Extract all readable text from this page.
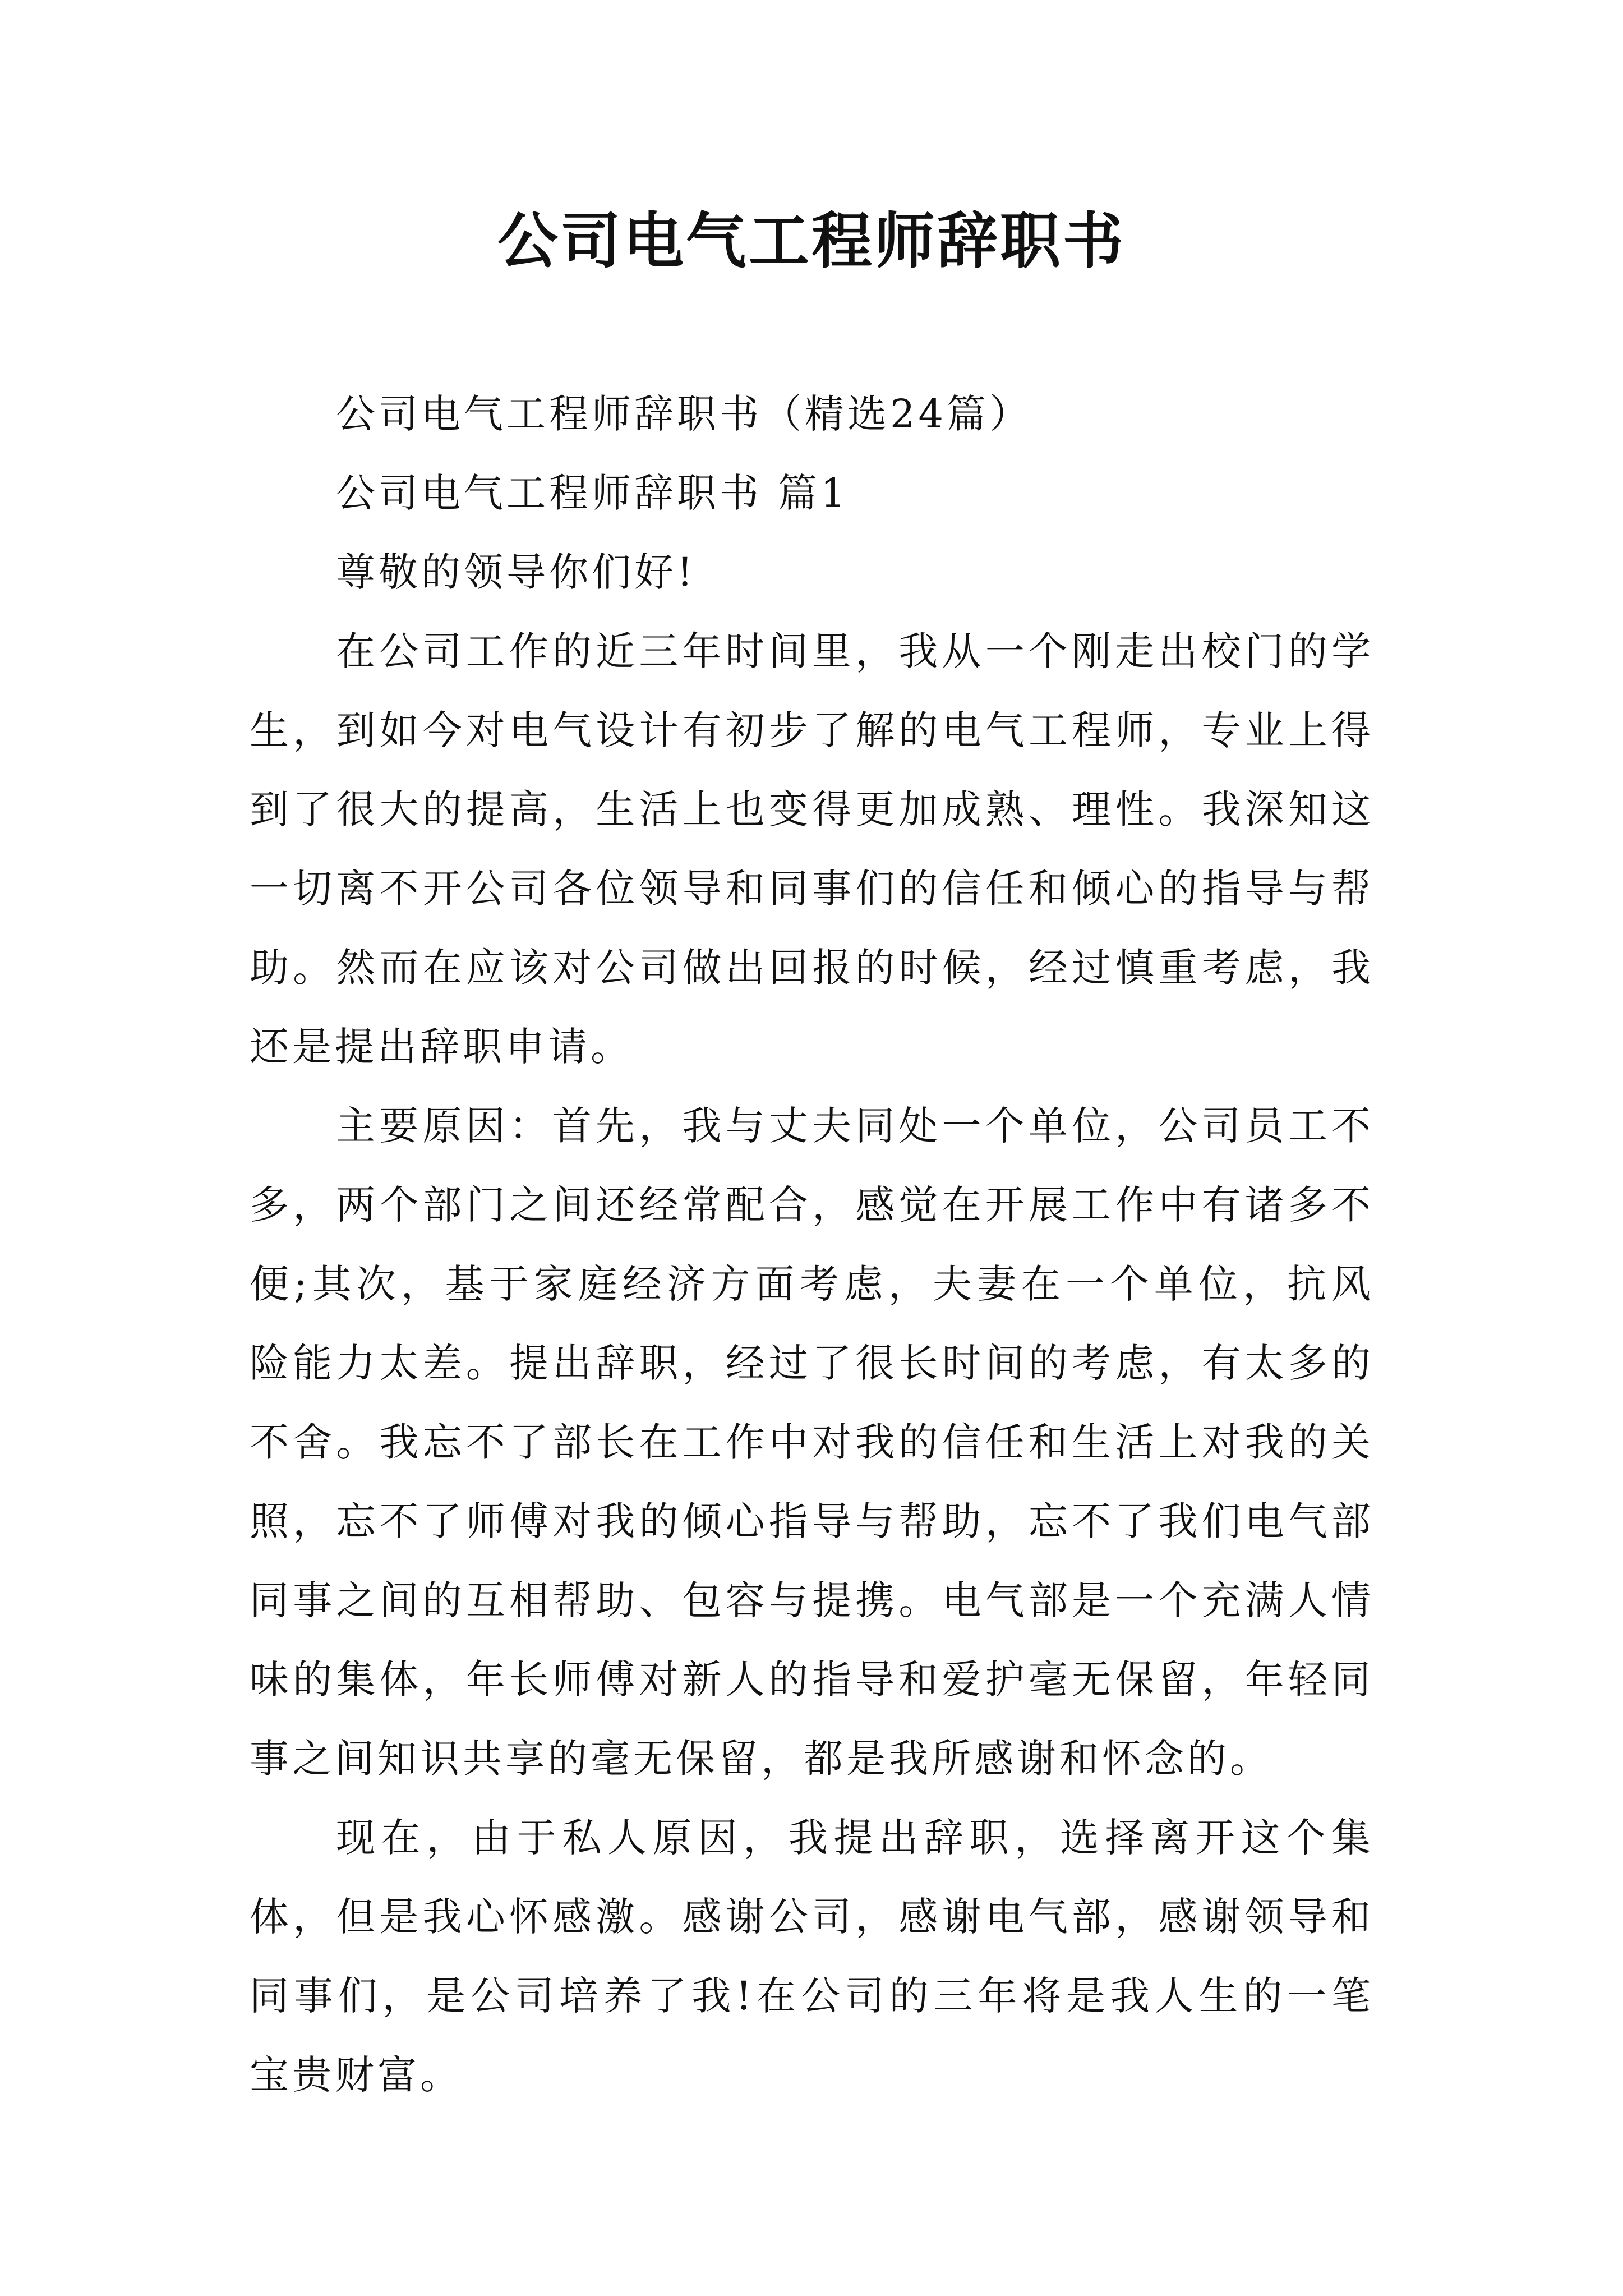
公司电气工程师辞职书

公司电气工程师辞职书（精选24篇）

公司电气工程师辞职书 篇1

尊敬的领导你们好!

在公司工作的近三年时间里，我从一个刚走出校门的学生，到如今对电气设计有初步了解的电气工程师，专业上得到了很大的提高，生活上也变得更加成熟、理性。我深知这一切离不开公司各位领导和同事们的信任和倾心的指导与帮助。然而在应该对公司做出回报的时候，经过慎重考虑，我还是提出辞职申请。

主要原因：首先，我与丈夫同处一个单位，公司员工不多，两个部门之间还经常配合，感觉在开展工作中有诸多不便;其次，基于家庭经济方面考虑，夫妻在一个单位，抗风险能力太差。提出辞职，经过了很长时间的考虑，有太多的不舍。我忘不了部长在工作中对我的信任和生活上对我的关照，忘不了师傅对我的倾心指导与帮助，忘不了我们电气部同事之间的互相帮助、包容与提携。电气部是一个充满人情味的集体，年长师傅对新人的指导和爱护毫无保留，年轻同事之间知识共享的毫无保留，都是我所感谢和怀念的。

现在，由于私人原因，我提出辞职，选择离开这个集体，但是我心怀感激。感谢公司，感谢电气部，感谢领导和同事们，是公司培养了我!在公司的三年将是我人生的一笔宝贵财富。
